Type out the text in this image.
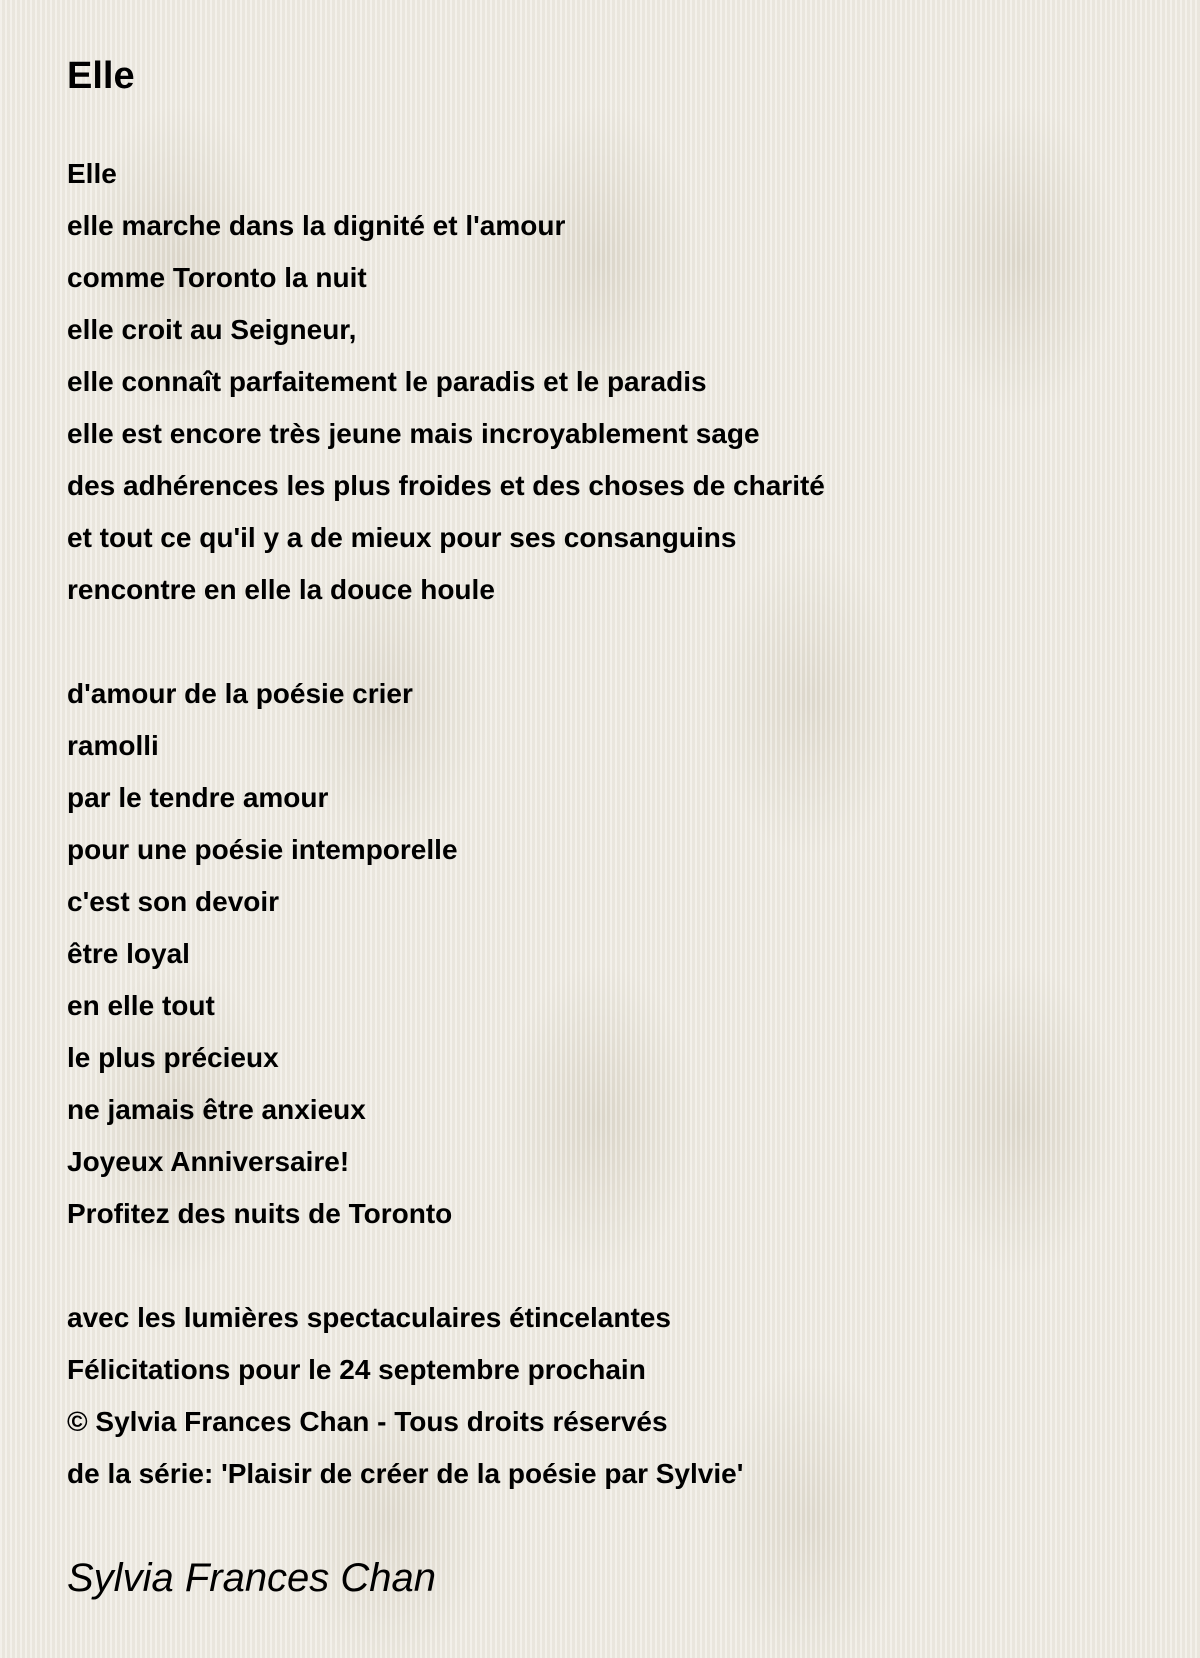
Elle
Elle
elle marche dans la dignité et l'amour
comme Toronto la nuit
elle croit au Seigneur,
elle connaît parfaitement le paradis et le paradis
elle est encore très jeune mais incroyablement sage
des adhérences les plus froides et des choses de charité
et tout ce qu'il y a de mieux pour ses consanguins
rencontre en elle la douce houle
d'amour de la poésie crier
ramolli
par le tendre amour
pour une poésie intemporelle
c'est son devoir
être loyal
en elle tout
le plus précieux
ne jamais être anxieux
Joyeux Anniversaire!
Profitez des nuits de Toronto
avec les lumières spectaculaires étincelantes
Félicitations pour le 24 septembre prochain
© Sylvia Frances Chan - Tous droits réservés
de la série: 'Plaisir de créer de la poésie par Sylvie'
Sylvia Frances Chan
